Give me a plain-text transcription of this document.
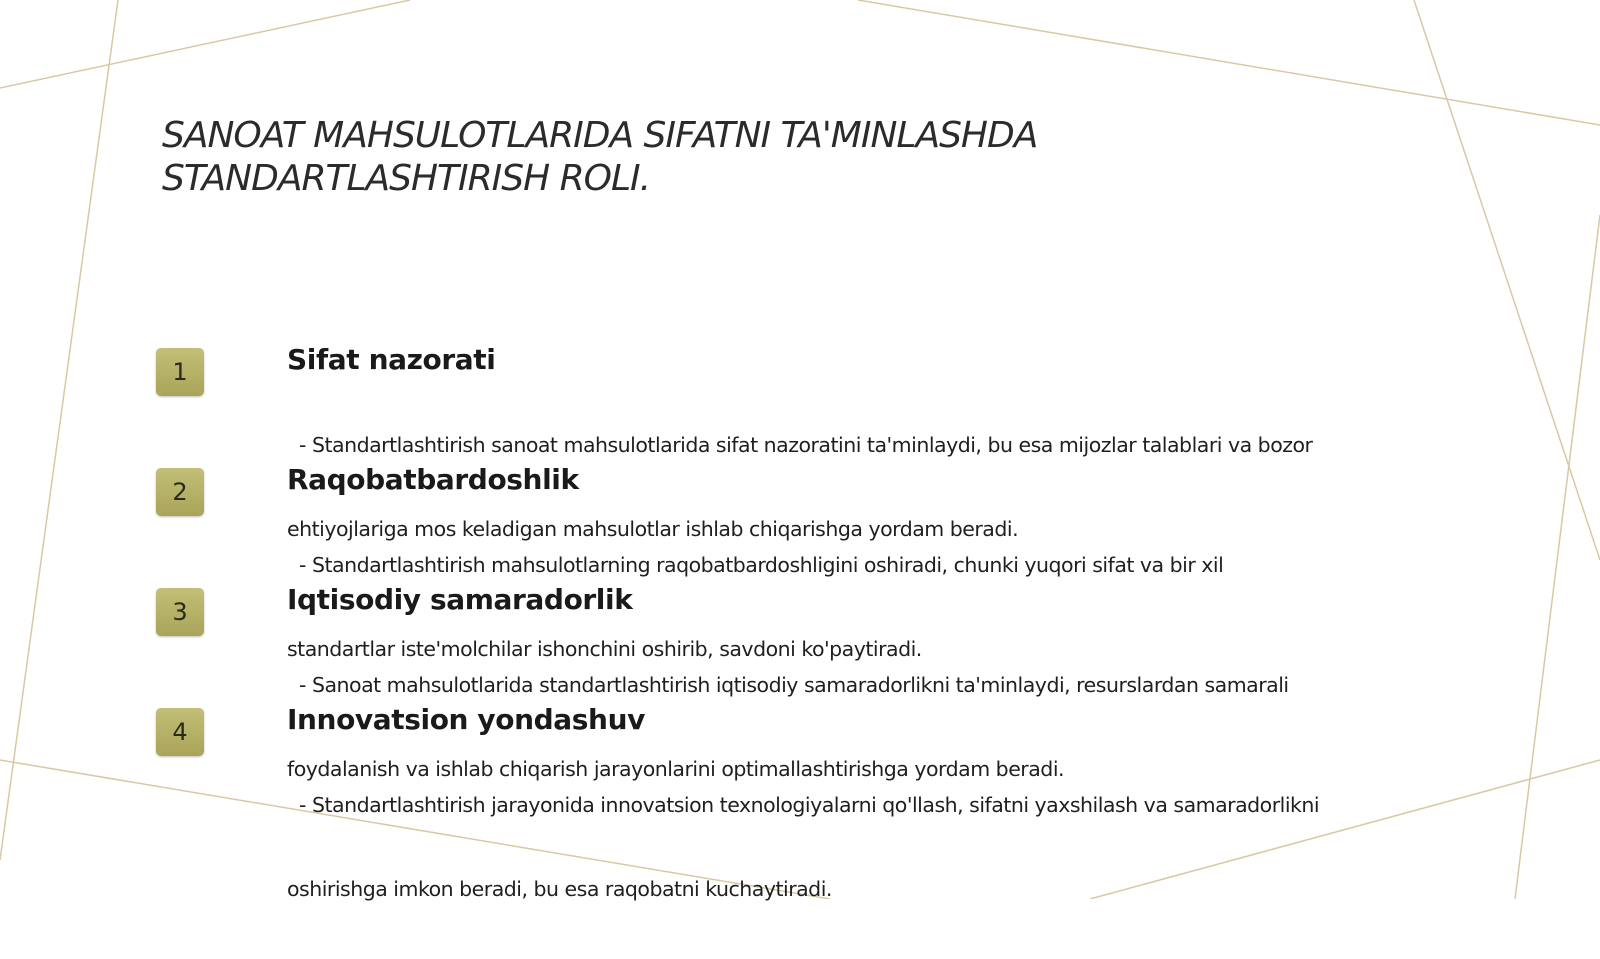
SANOAT MAHSULOTLARIDA SIFATNI TA'MINLASHDA
STANDARTLASHTIRISH ROLI.
1	Sifat nazorati

- Standartlashtirish sanoat mahsulotlarida sifat nazoratini ta'minlaydi, bu esa mijozlar talablari va bozor

ehtiyojlariga mos keladigan mahsulotlar ishlab chiqarishga yordam beradi.

2	Raqobatbardoshlik

- Standartlashtirish mahsulotlarning raqobatbardoshligini oshiradi, chunki yuqori sifat va bir xil

standartlar iste'molchilar ishonchini oshirib, savdoni ko'paytiradi.

3	Iqtisodiy samaradorlik

- Sanoat mahsulotlarida standartlashtirish iqtisodiy samaradorlikni ta'minlaydi, resurslardan samarali

foydalanish va ishlab chiqarish jarayonlarini optimallashtirishga yordam beradi.

4	Innovatsion yondashuv

- Standartlashtirish jarayonida innovatsion texnologiyalarni qo'llash, sifatni yaxshilash va samaradorlikni

oshirishga imkon beradi, bu esa raqobatni kuchaytiradi.
